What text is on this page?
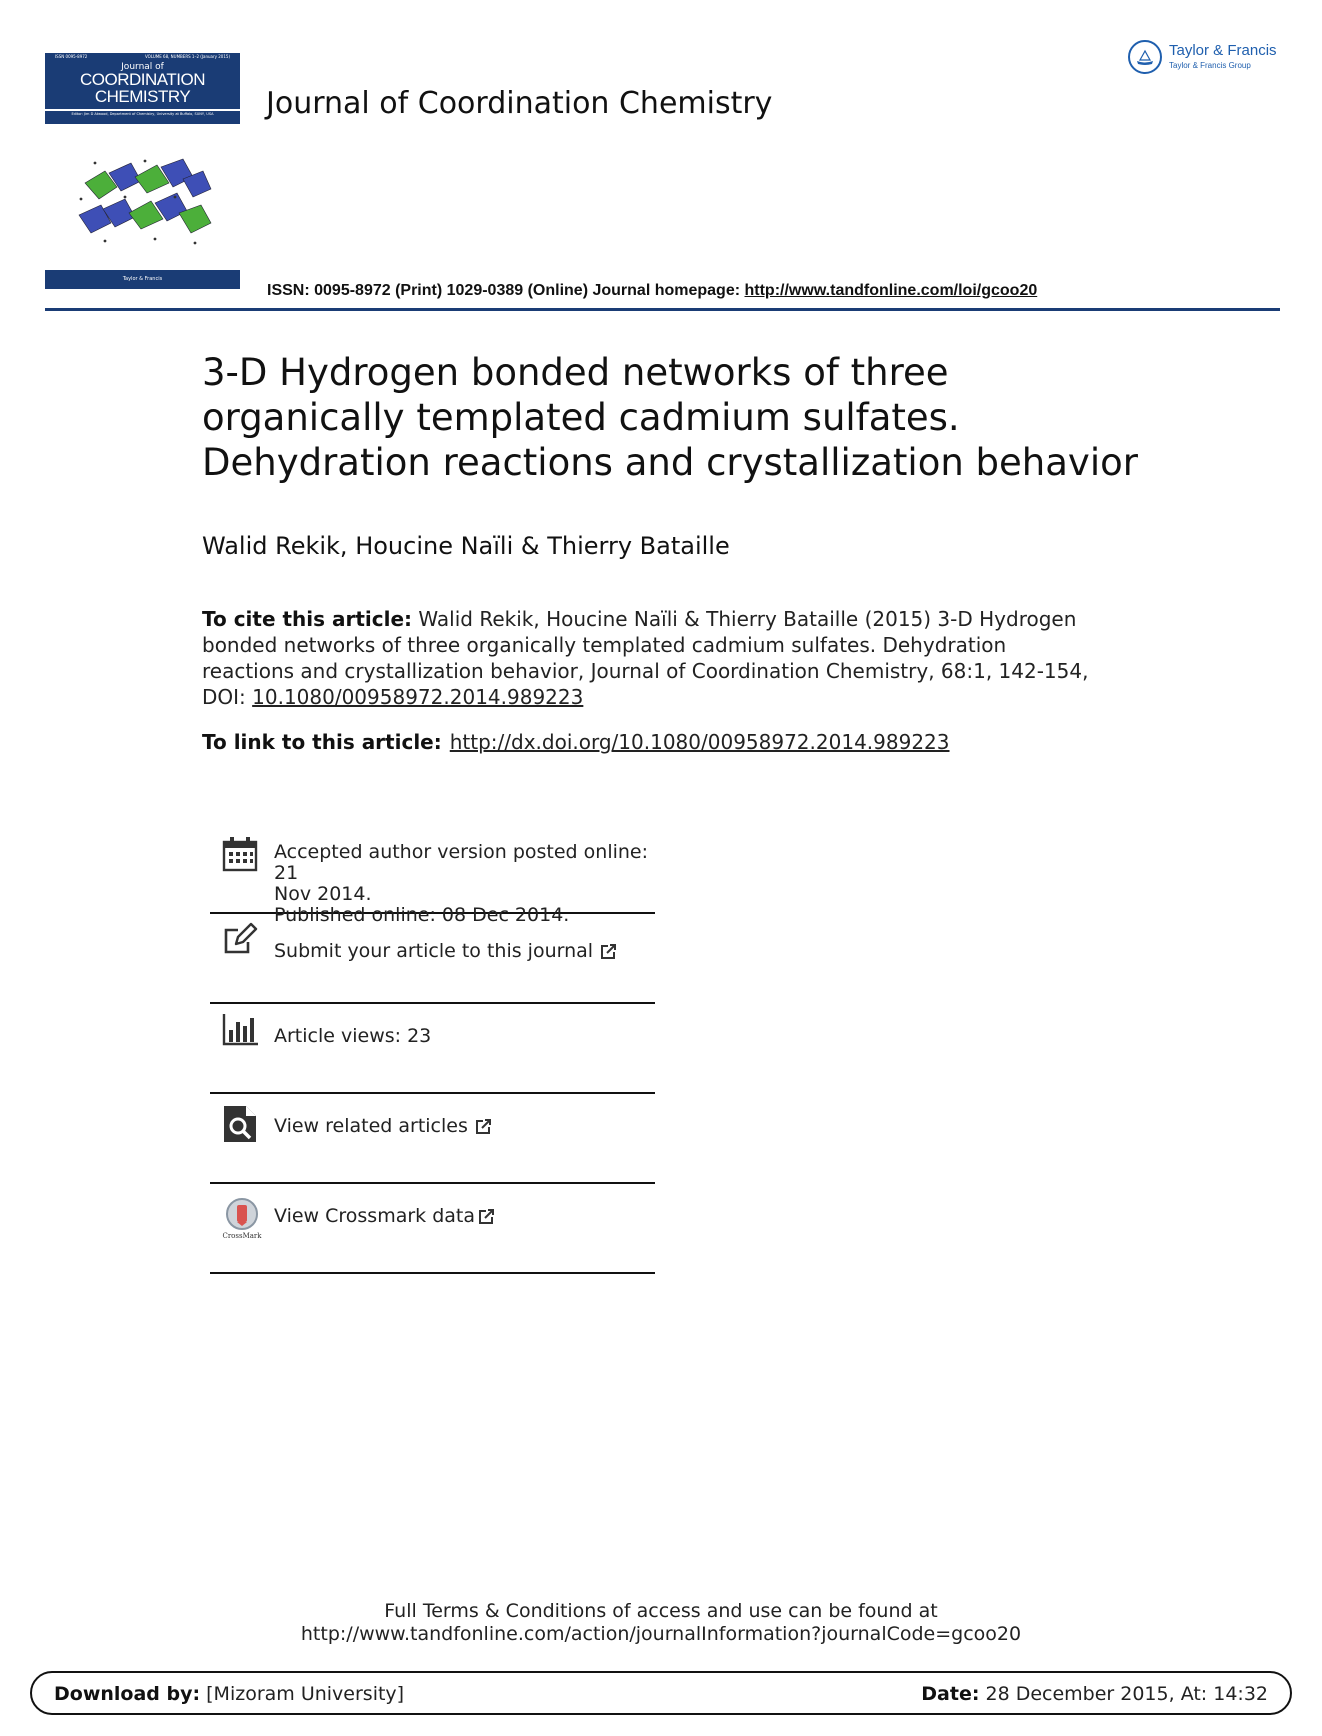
ISSN 0095-8972	VOLUME 68, NUMBERS 1–2 (January 2015)
Journal of
COORDINATION
CHEMISTRY
Editor: Jim D Atwood, Department of Chemistry, University at Buffalo, SUNY, USA
Taylor & Francis
Journal of Coordination Chemistry
Taylor & Francis
Taylor & Francis Group
ISSN: 0095-8972 (Print) 1029-0389 (Online) Journal homepage: http://www.tandfonline.com/loi/gcoo20
3-D Hydrogen bonded networks of three organically templated cadmium sulfates. Dehydration reactions and crystallization behavior
Walid Rekik, Houcine Naïli & Thierry Bataille
To cite this article: Walid Rekik, Houcine Naïli & Thierry Bataille (2015) 3-D Hydrogen bonded networks of three organically templated cadmium sulfates. Dehydration reactions and crystallization behavior, Journal of Coordination Chemistry, 68:1, 142-154, DOI: 10.1080/00958972.2014.989223
To link to this article: http://dx.doi.org/10.1080/00958972.2014.989223
Accepted author version posted online: 21
Nov 2014.
Published online: 08 Dec 2014.
Submit your article to this journal
Article views: 23
View related articles
CrossMark
View Crossmark data
Full Terms & Conditions of access and use can be found at
http://www.tandfonline.com/action/journalInformation?journalCode=gcoo20
Download by: [Mizoram University]	Date: 28 December 2015, At: 14:32
